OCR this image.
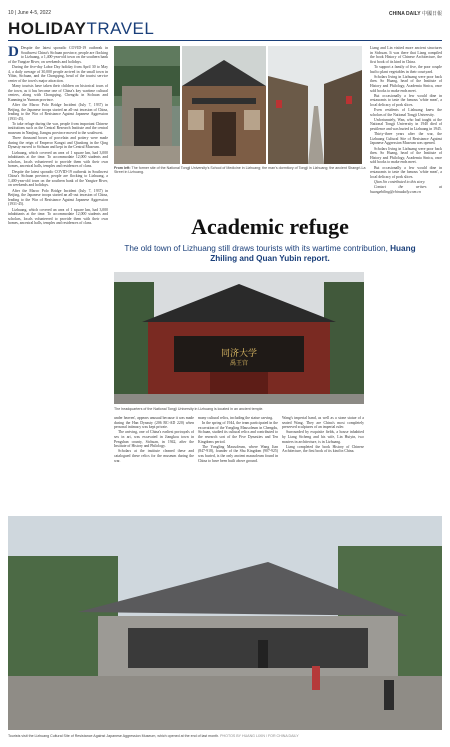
10 | June 4-5, 2022	CHINA DAILY 中國日報
HOLIDAYTRAVEL

D Despite the latest sporadic COVID-19 outbreak in Southwest China's Sichuan province, people are flocking to Lizhuang, a 1,400-year-old town on the southern bank of the Yangtze River, on weekends and holidays.

During the five-day Labor Day holiday from April 30 to May 4, a daily average of 30,000 people arrived in the small town in Yibin, Sichuan, and the Chongqing, head of the tourist service center of the town's major attraction.

Many tourists have taken their children on historical tours of the town, as it has become one of China's key wartime cultural centers, along with Chongqing, Chengdu in Sichuan and Kunming in Yunnan province.

After the Marco Polo Bridge Incident (July 7, 1937) in Beijing, the Japanese troops started an all-out invasion of China, leading to the War of Resistance Against Japanese Aggression (1931-45).

To take refuge during the war, people from important Chinese institutions such as the Central Research Institute and the central museum in Nanjing, Jiangsu province moved to the southwest.

Three thousand boxes of porcelain and pottery were made during the reign of Emperor Kangxi and Qianlong in the Qing Dynasty moved to Sichuan and kept in the Central Museum.

Lizhuang, which covered an area of 1 square km, had 3,000 inhabitants at the time. To accommodate 12,000 students and scholars, locals volunteered to provide them with their own homes, ancestral halls, temples and residences of clans.

Despite the latest sporadic COVID-19 outbreak in Southwest China's Sichuan province, people are flocking to Lizhuang, a 1,400-year-old town on the southern bank of the Yangtze River, on weekends and holidays.

After the Marco Polo Bridge Incident (July 7, 1937) in Beijing, the Japanese troops started an all-out invasion of China, leading to the War of Resistance Against Japanese Aggression (1931-45).

Lizhuang, which covered an area of 1 square km, had 3,000 inhabitants at the time. To accommodate 12,000 students and scholars, locals volunteered to provide them with their own homes, ancestral halls, temples and residences of clans.

From left: The former site of the National Tongji University's School of Medicine in Lizhuang; the man's dormitory of Tongji in Lizhuang; the ancient Shangri-La Street in Lizhuang.

Liang and Lin visited more ancient structures in Sichuan. It was there that Liang compiled the book History of Chinese Architecture, the first book of its kind in China.

To support a family of five, the poor couple had to plant vegetables in their courtyard.

Scholars living in Lizhuang were poor back then. So Huang, head of the Institute of History and Philology, Academia Sinica, once sold books to make ends meet.

But occasionally a few would dine in restaurants to taste the famous 'white meat', a local delicacy of pork slices.

Even residents of Lizhuang knew the scholars of the National Tongji University.

Unfortunately, Wan, who had taught at the National Tongji University in 1940 died of pestilence and was buried in Lizhuang in 1945.

Thirty-three years after the war, the Lizhuang Cultural Site of Resistance Against Japanese Aggression Museum was opened.

Scholars living in Lizhuang were poor back then. So Huang, head of the Institute of History and Philology, Academia Sinica, once sold books to make ends meet.

But occasionally a few would dine in restaurants to taste the famous 'white meat', a local delicacy of pork slices.

Qian Jin contributed to this story.

Contact the writers at huangzhiling@chinadaily.com.cn

Academic refuge
The old town of Lizhuang still draws tourists with its wartime contribution, Huang Zhiling and Quan Yubin report.
同济大学
禹王宫
The headquarters of the National Tongji University in Lizhuang is located in an ancient temple.

under heaven', appears unusual because it was made during the Han Dynasty (206 BC-AD 220) when personal intimacy was kept private.

The arriving, one of China's earliest portrayals of sex in art, was excavated in Jiangkou town in Pengshan county, Sichuan, in 1942, after the Institute of History and Philology.

Scholars at the institute cleaned these and catalogued these relics for the museum during the war.

many cultural relics, including the statue carving.

In the spring of 1944, the team participated in the excavation of the Yongling Mausoleum in Chengdu, Sichuan, studied its cultural relics and contributed to the research sort of the Five Dynasties and Ten Kingdoms period.

The Yongling Mausoleum, where Wang Jian (847-918), founder of the Shu Kingdom (907-925) was buried, is the only ancient mausoleum found in China to have been built above ground.

Wang's imperial hand, as well as a stone statue of a seated Wang. They are China's most completely preserved sculptures of an imperial ruler.

Surrounded by exquisite fields, a house inhabited by Liang Sicheng and his wife, Lin Huiyin, two masters in architecture, is in Lizhuang.

Liang completed the book History of Chinese Architecture, the first book of its kind in China.

Tourists visit the Lizhuang Cultural Site of Resistance Against Japanese Aggression Museum, which opened at the end of last month. PHOTOS BY HUANG LIXIN / FOR CHINA DAILY
